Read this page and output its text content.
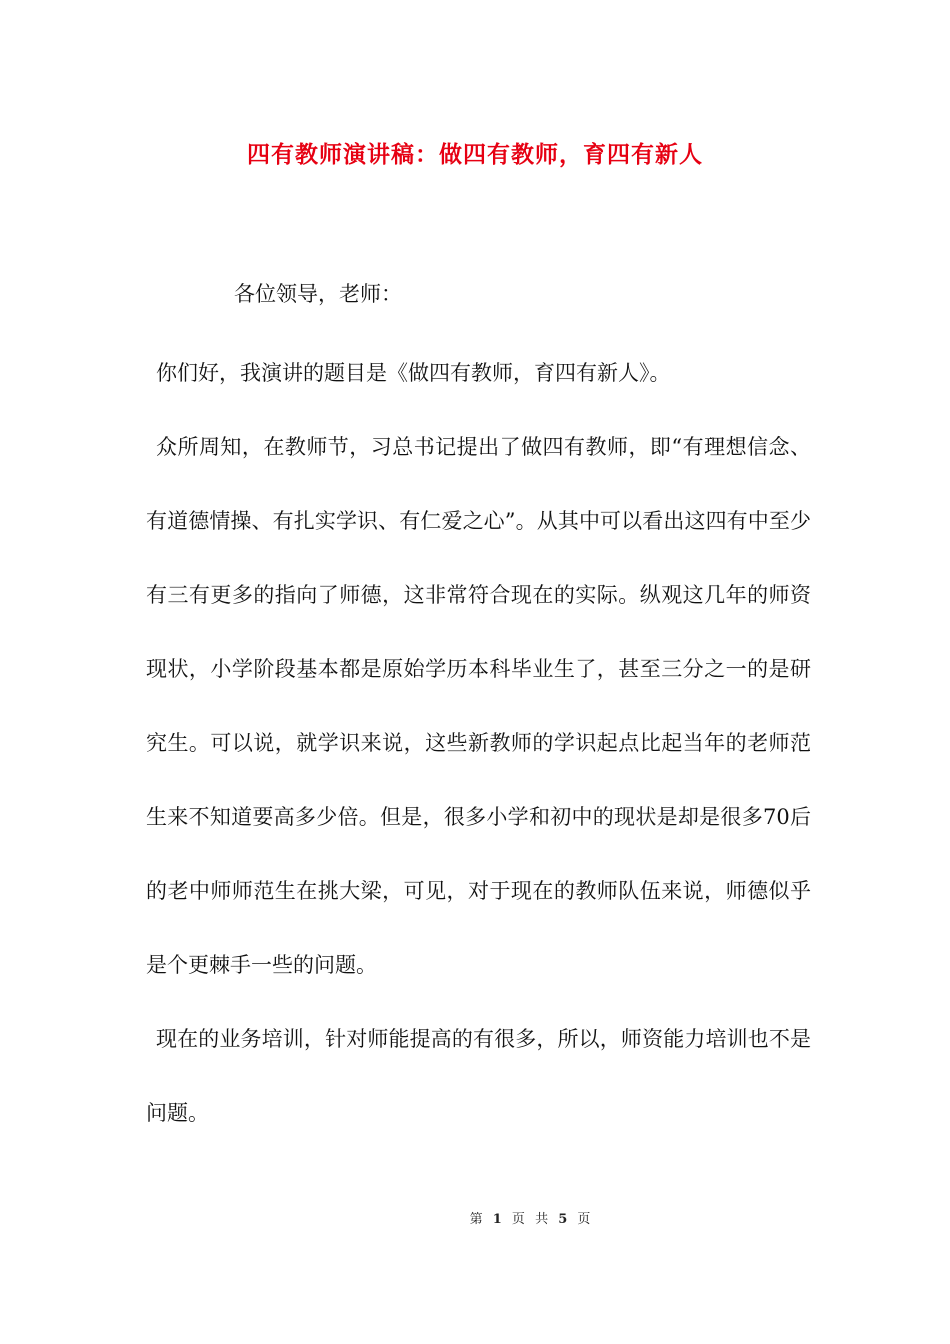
四有教师演讲稿：做四有教师，育四有新人

各位领导，老师：

你们好，我演讲的题目是《做四有教师，育四有新人》。

众所周知，在教师节，习总书记提出了做四有教师，即“有理想信念、有道德情操、有扎实学识、有仁爱之心”。从其中可以看出这四有中至少有三有更多的指向了师德，这非常符合现在的实际。纵观这几年的师资现状，小学阶段基本都是原始学历本科毕业生了，甚至三分之一的是研究生。可以说，就学识来说，这些新教师的学识起点比起当年的老师范生来不知道要高多少倍。但是，很多小学和初中的现状是却是很多70后的老中师师范生在挑大梁，可见，对于现在的教师队伍来说，师德似乎是个更棘手一些的问题。

现在的业务培训，针对师能提高的有很多，所以，师资能力培训也不是问题。

第 1 页 共 5 页
